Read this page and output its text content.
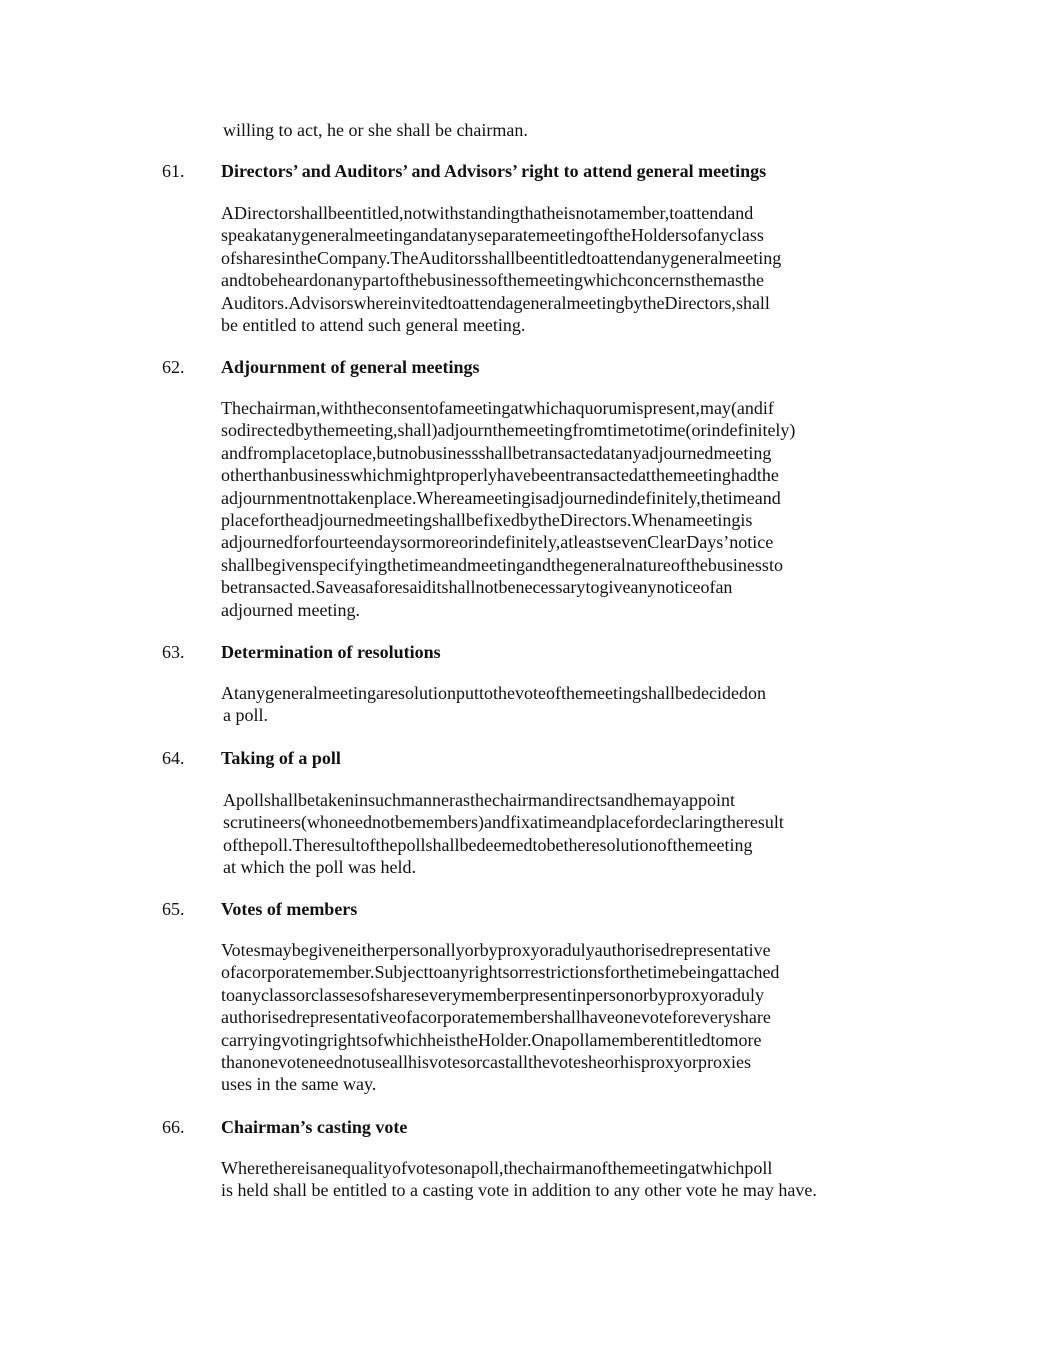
willing to act, he or she shall be chairman.
61. Directors’ and Auditors’ and Advisors’ right to attend general meetings
ADirectorshallbeentitled,notwithstandingthatheisnotamember,toattendand
speakatanygeneralmeetingandatanyseparatemeetingoftheHoldersofanyclass
ofsharesintheCompany.TheAuditorsshallbeentitledtoattendanygeneralmeeting
andtobeheardonanypartofthebusinessofthemeetingwhichconcernsthemasthe
Auditors.AdvisorswhereinvitedtoattendageneralmeetingbytheDirectors,shall
be entitled to attend such general meeting.
62. Adjournment of general meetings
Thechairman,withtheconsentofameetingatwhichaquorumispresent,may(andif
sodirectedbythemeeting,shall)adjournthemeetingfromtimetotime(orindefinitely)
andfromplacetoplace,butnobusinessshallbetransactedatanyadjournedmeeting
otherthanbusinesswhichmightproperlyhavebeentransactedatthemeetinghadthe
adjournmentnottakenplace.Whereameetingisadjournedindefinitely,thetimeand
placefortheadjournedmeetingshallbefixedbytheDirectors.Whenameetingis
adjournedforfourteendaysormoreorindefinitely,atleastsevenClearDays’notice
shallbegivenspecifyingthetimeandmeetingandthegeneralnatureofthebusinessto
betransacted.Saveasaforesaiditshallnotbenecessarytogiveanynoticeofan
adjourned meeting.
63. Determination of resolutions
Atanygeneralmeetingaresolutionputtothevoteofthemeetingshallbedecidedon
a poll.
64. Taking of a poll
Apollshallbetakeninsuchmannerasthechairmandirectsandhemayappoint
scrutineers(whoneednotbemembers)andfixatimeandplacefordeclaringtheresult
ofthepoll.Theresultofthepollshallbedeemedtobetheresolutionofthemeeting
at which the poll was held.
65. Votes of members
Votesmaybegiveneitherpersonallyorbyproxyoradulyauthorisedrepresentative
ofacorporatemember.Subjecttoanyrightsorrestrictionsforthetimebeingattached
toanyclassorclassesofshareseverymemberpresentinpersonorbyproxyoraduly
authorisedrepresentativeofacorporatemembershallhaveonevoteforeveryshare
carryingvotingrightsofwhichheistheHolder.Onapollamemberentitledtomore
thanonevoteneednotuseallhisvotesorcastallthevotesheorhisproxyorproxies
uses in the same way.
66. Chairman’s casting vote
Wherethereisanequalityofvotesonapoll,thechairmanofthemeetingatwhichpoll
is held shall be entitled to a casting vote in addition to any other vote he may have.
